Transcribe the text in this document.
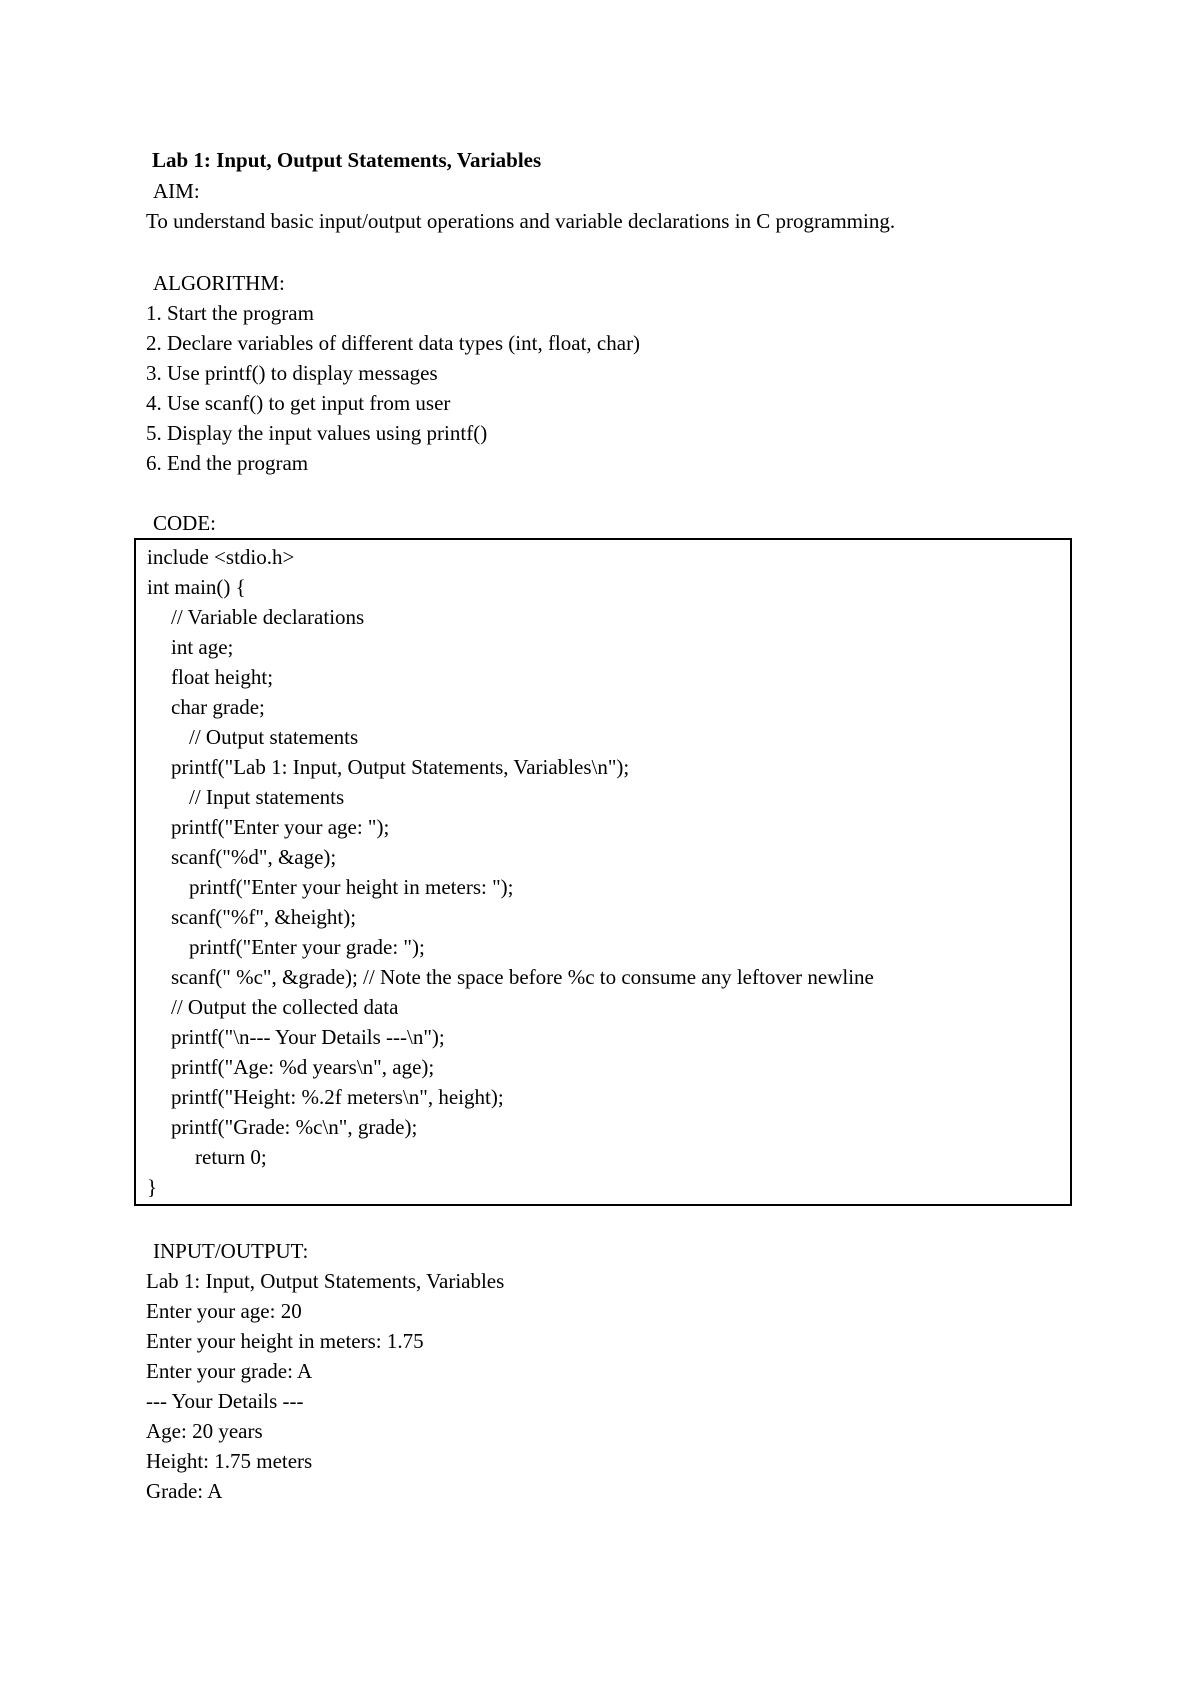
Lab 1: Input, Output Statements, Variables
AIM:
To understand basic input/output operations and variable declarations in C programming.
ALGORITHM:
1. Start the program
2. Declare variables of different data types (int, float, char)
3. Use printf() to display messages
4. Use scanf() to get input from user
5. Display the input values using printf()
6. End the program
CODE:
include <stdio.h>
int main() {
// Variable declarations
int age;
float height;
char grade;
// Output statements
printf("Lab 1: Input, Output Statements, Variables\n");
// Input statements
printf("Enter your age: ");
scanf("%d", &age);
printf("Enter your height in meters: ");
scanf("%f", &height);
printf("Enter your grade: ");
scanf(" %c", &grade); // Note the space before %c to consume any leftover newline
// Output the collected data
printf("\n--- Your Details ---\n");
printf("Age: %d years\n", age);
printf("Height: %.2f meters\n", height);
printf("Grade: %c\n", grade);
return 0;
}
INPUT/OUTPUT:
Lab 1: Input, Output Statements, Variables
Enter your age: 20
Enter your height in meters: 1.75
Enter your grade: A
--- Your Details ---
Age: 20 years
Height: 1.75 meters
Grade: A
